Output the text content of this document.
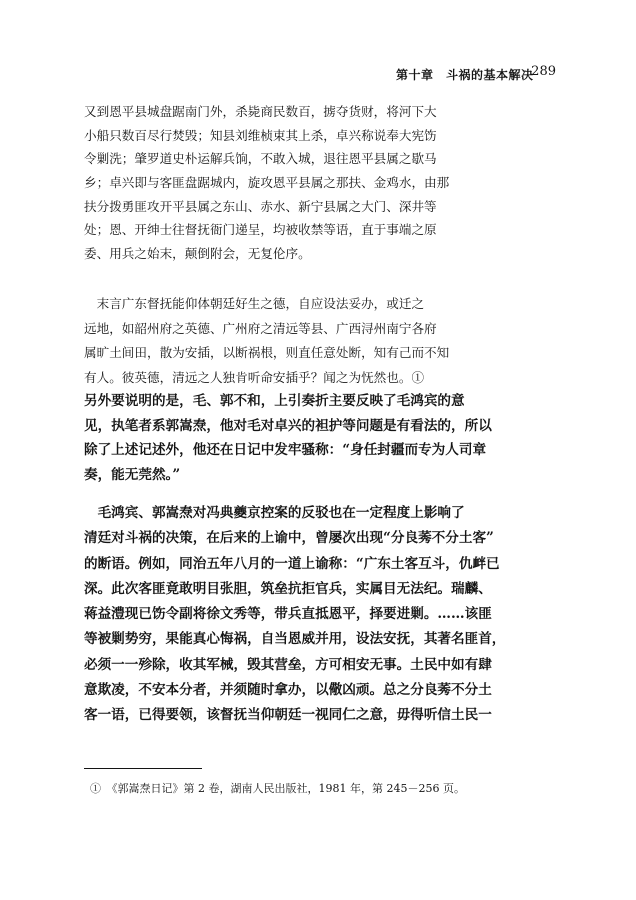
第十章　斗祸的基本解决
289
又到恩平县城盘踞南门外，杀毙商民数百，掳夺货财，将河下大
小船只数百尽行焚毁；知县刘维桢束其上杀，卓兴称说奉大宪饬
令剿洗；肇罗道史朴运解兵饷，不敢入城，退往恩平县属之歇马
乡；卓兴即与客匪盘踞城内，旋攻恩平县属之那扶、金鸡水，由那
扶分拨勇匪攻开平县属之东山、赤水、新宁县属之大门、深井等
处；恩、开绅士往督抚衙门递呈，均被收禁等语，直于事端之原
委、用兵之始末，颠倒附会，无复伦序。
　末言广东督抚能仰体朝廷好生之德，自应设法妥办，或迁之
远地，如韶州府之英德、广州府之清远等县、广西浔州南宁各府
属旷土间田，散为安插，以断祸根，则直任意处断，知有己而不知
有人。彼英德，清远之人独肯听命安插乎？闻之为怃然也。①
另外要说明的是，毛、郭不和，上引奏折主要反映了毛鸿宾的意
见，执笔者系郭嵩焘，他对毛对卓兴的袒护等问题是有看法的，所以
除了上述记述外，他还在日记中发牢骚称：“身任封疆而专为人司章
奏，能无莞然。”
　毛鸿宾、郭嵩焘对冯典夔京控案的反驳也在一定程度上影响了
清廷对斗祸的决策，在后来的上谕中，曾屡次出现“分良莠不分土客”
的断语。例如，同治五年八月的一道上谕称：“广东土客互斗，仇衅已
深。此次客匪竟敢明目张胆，筑垒抗拒官兵，实属目无法纪。瑞麟、
蒋益澧现已饬令副将徐文秀等，带兵直抵恩平，择要进剿。……该匪
等被剿势穷，果能真心悔祸，自当恩威并用，设法安抚，其著名匪首，
必须一一殄除，收其军械，毁其营垒，方可相安无事。土民中如有肆
意欺凌，不安本分者，并须随时拿办，以儆凶顽。总之分良莠不分土
客一语，已得要领，该督抚当仰朝廷一视同仁之意，毋得听信土民一
①　《郭嵩焘日记》第 2 卷，湖南人民出版社，1981 年，第 245－256 页。
